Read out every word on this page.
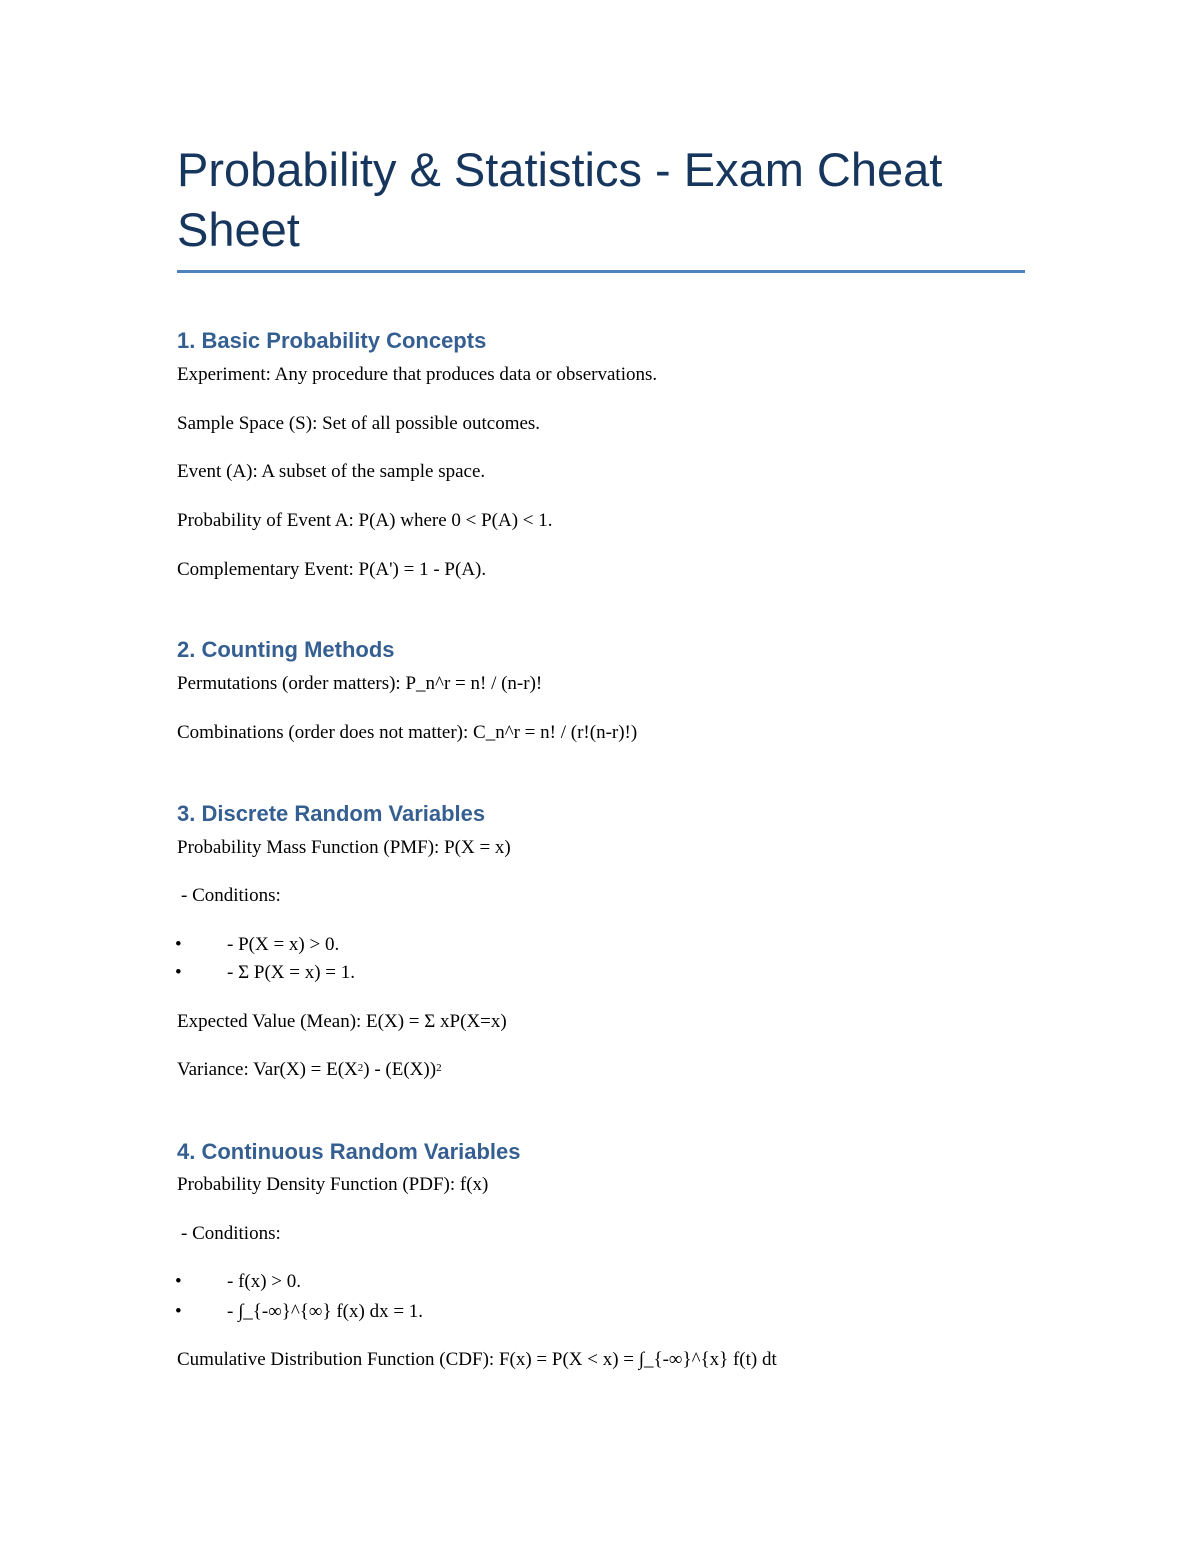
Probability & Statistics - Exam Cheat Sheet
1. Basic Probability Concepts

Experiment: Any procedure that produces data or observations.

Sample Space (S): Set of all possible outcomes.

Event (A): A subset of the sample space.

Probability of Event A: P(A) where 0 < P(A) < 1.

Complementary Event: P(A') = 1 - P(A).

2. Counting Methods

Permutations (order matters): P_n^r = n! / (n-r)!

Combinations (order does not matter): C_n^r = n! / (r!(n-r)!)

3. Discrete Random Variables

Probability Mass Function (PMF): P(X = x)

- Conditions:

• - P(X = x) > 0.

• - Σ P(X = x) = 1.

Expected Value (Mean): E(X) = Σ xP(X=x)

Variance: $Var(X) = E(X^2) - (E(X))^2$

4. Continuous Random Variables

Probability Density Function (PDF): f(x)

- Conditions:

• - f(x) > 0.

• - ∫_{-∞}^{∞} f(x) dx = 1.

Cumulative Distribution Function (CDF): F(x) = P(X < x) = ∫_{-∞}^{x} f(t) dt
